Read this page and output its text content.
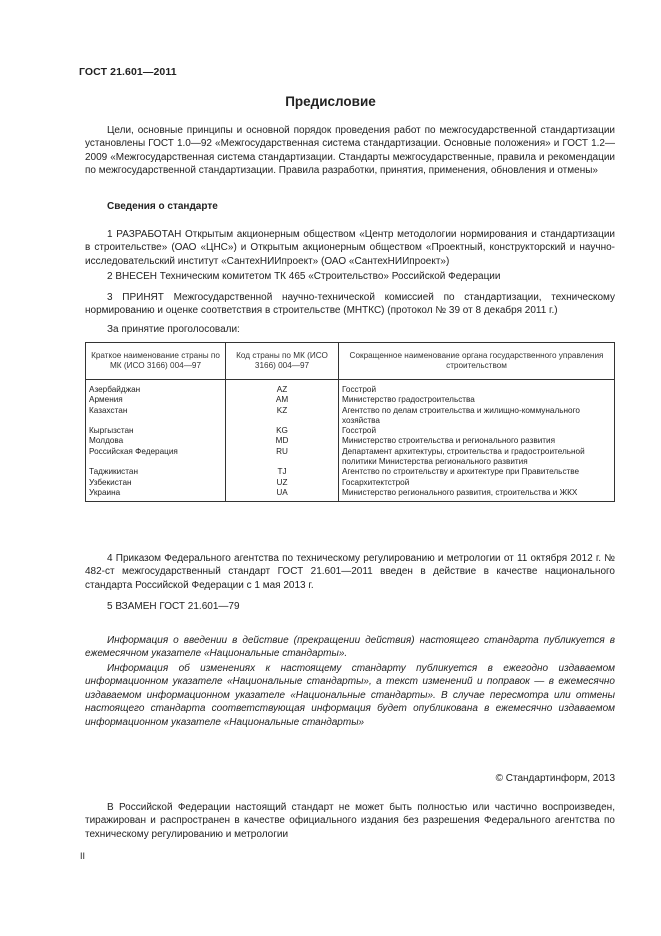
ГОСТ 21.601—2011
Предисловие
Цели, основные принципы и основной порядок проведения работ по межгосударственной стандартизации установлены ГОСТ 1.0—92 «Межгосударственная система стандартизации. Основные положения» и ГОСТ 1.2—2009 «Межгосударственная система стандартизации. Стандарты межгосударственные, правила и рекомендации по межгосударственной стандартизации. Правила разработки, принятия, применения, обновления и отмены»
Сведения о стандарте
1 РАЗРАБОТАН Открытым акционерным обществом «Центр методологии нормирования и стандартизации в строительстве» (ОАО «ЦНС») и Открытым акционерным обществом «Проектный, конструкторский и научно-исследовательский институт «СантехНИИпроект» (ОАО «СантехНИИпроект»)
2 ВНЕСЕН Техническим комитетом ТК 465 «Строительство» Российской Федерации
3 ПРИНЯТ Межгосударственной научно-технической комиссией по стандартизации, техническому нормированию и оценке соответствия в строительстве (МНТКС) (протокол № 39 от 8 декабря 2011 г.)
За принятие проголосовали:
Краткое наименование страны по МК (ИСО 3166) 004—97	Код страны по МК (ИСО 3166) 004—97	Сокращенное наименование органа государственного управления строительством
Азербайджан	AZ	Госстрой
Армения	AM	Министерство градостроительства
Казахстан	KZ	Агентство по делам строительства и жилищно-коммунального хозяйства
Кыргызстан	KG	Госстрой
Молдова	MD	Министерство строительства и регионального развития
Российская Федерация	RU	Департамент архитектуры, строительства и градостроительной политики Министерства регионального развития
Таджикистан	TJ	Агентство по строительству и архитектуре при Правительстве
Узбекистан	UZ	Госархитектстрой
Украина	UA	Министерство регионального развития, строительства и ЖКХ
4 Приказом Федерального агентства по техническому регулированию и метрологии от 11 октября 2012 г. № 482-ст межгосударственный стандарт ГОСТ 21.601—2011 введен в действие в качестве национального стандарта Российской Федерации с 1 мая 2013 г.
5 ВЗАМЕН ГОСТ 21.601—79
Информация о введении в действие (прекращении действия) настоящего стандарта публикуется в ежемесячном указателе «Национальные стандарты».
Информация об изменениях к настоящему стандарту публикуется в ежегодно издаваемом информационном указателе «Национальные стандарты», а текст изменений и поправок — в ежемесячно издаваемом информационном указателе «Национальные стандарты». В случае пересмотра или отмены настоящего стандарта соответствующая информация будет опубликована в ежемесячно издаваемом информационном указателе «Национальные стандарты»
© Стандартинформ, 2013
В Российской Федерации настоящий стандарт не может быть полностью или частично воспроизведен, тиражирован и распространен в качестве официального издания без разрешения Федерального агентства по техническому регулированию и метрологии
II
